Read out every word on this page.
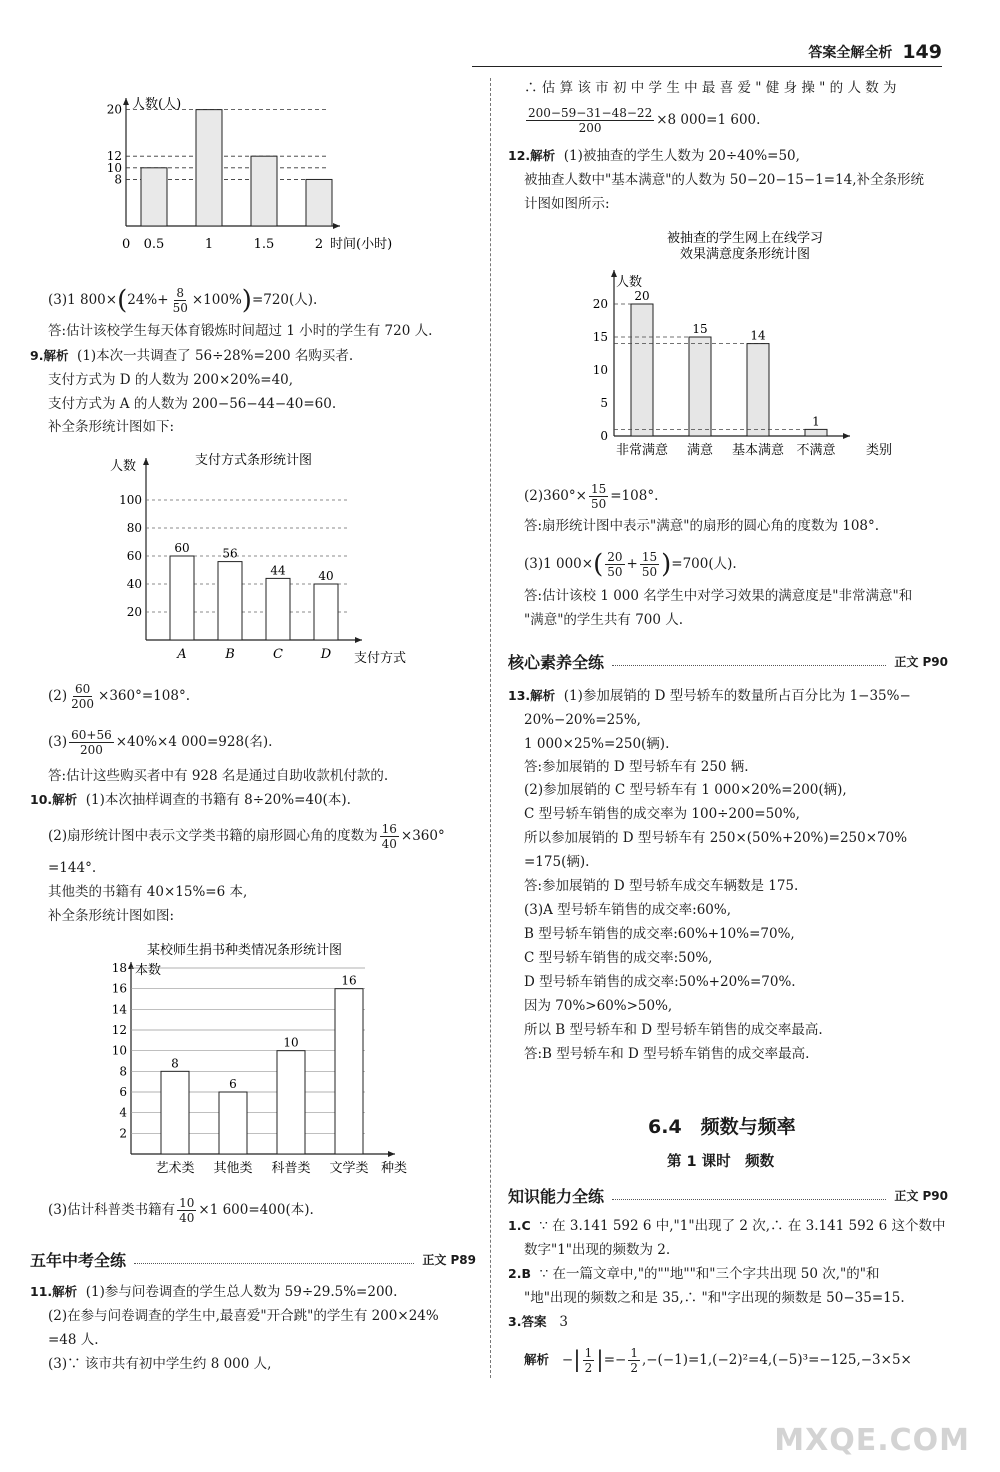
答案全解全析 149
人数(人)
8
10
12
20
0 0.5	1	1.5	2 时间(小时)
(3)1 $800\times(24\%+ \frac{8}{50} \times 100\%)=720$(人).
答:估计该校学生每天体育锻炼时间超过 1 小时的学生有 720 人.
9.解析 (1)本次一共调查了 56÷28%=200 名购买者.
支付方式为 D 的人数为 200×20%=40,
支付方式为 A 的人数为 200−56−44−40=60.
补全条形统计图如下:
人数	支付方式条形统计图
20
40
60
80
100
60	56
44	40
A	B	C	D 支付方式
$(2) \frac{60}{200} \times 360^\circ=108^\circ$.
$(3) \frac{60+56}{200} \times 40\%\times 4$ 000=928(名).
答:估计这些购买者中有 928 名是通过自助收款机付款的.
10.解析 (1)本次抽样调查的书籍有 8÷20%=40(本).
(2)扇形统计图中表示文学类书籍的扇形圆心角的度数为 $\frac{16}{40} \times 360^\circ$
=144°.
其他类的书籍有 40×15%=6 本,
补全条形统计图如图:
某校师生捐书种类情况条形统计图
本数
2
4
6
8
10
12
14
16
18
8
6
10
16
艺术类 其他类 科普类 文学类 种类
(3)估计科普类书籍有 $\frac{10}{40} \times 1$ 600=400(本).
五年中考全练	正文 P89
11.解析 (1)参与问卷调查的学生总人数为 59÷29.5%=200.
(2)在参与问卷调查的学生中,最喜爱"开合跳"的学生有 200×24%
=48 人.
(3)∵ 该市共有初中学生约 8 000 人,
∴ 估 算 该 市 初 中 学 生 中 最 喜 爱 " 健 身 操 " 的 人 数 为
$\frac{200-59-31-48-22}{200} \times 8$ 000=1 600.
12.解析 (1)被抽查的学生人数为 20÷40%=50,
被抽查人数中"基本满意"的人数为 50−20−15−1=14,补全条形统
计图如图所示:
被抽查的学生网上在线学习
效果满意度条形统计图
人数
0
5
10
15
20
20
15	14
1
非常满意 满意 基本满意 不满意 类别
$(2)360^\circ\times \frac{15}{50} =108^\circ$.
答:扇形统计图中表示"满意"的扇形的圆心角的度数为 108°.
(3)1 $000\times( \frac{20}{50} + \frac{15}{50} )=700$(人).
答:估计该校 1 000 名学生中对学习效果的满意度是"非常满意"和
"满意"的学生共有 700 人.
核心素养全练	正文 P90
13.解析 (1)参加展销的 D 型号轿车的数量所占百分比为 1−35%−
20%−20%=25%,
1 000×25%=250(辆).
答:参加展销的 D 型号轿车有 250 辆.
(2)参加展销的 C 型号轿车有 1 000×20%=200(辆),
C 型号轿车销售的成交率为 100÷200=50%,
所以参加展销的 D 型号轿车有 250×(50%+20%)=250×70%
=175(辆).
答:参加展销的 D 型号轿车成交车辆数是 175.
(3)A 型号轿车销售的成交率:60%,
B 型号轿车销售的成交率:60%+10%=70%,
C 型号轿车销售的成交率:50%,
D 型号轿车销售的成交率:50%+20%=70%.
因为 70%>60%>50%,
所以 B 型号轿车和 D 型号轿车销售的成交率最高.
答:B 型号轿车和 D 型号轿车销售的成交率最高.
6.4　频数与频率
第 1 课时　频数
知识能力全练	正文 P90
1.C ∵ 在 3.141 592 6 中,"1"出现了 2 次,∴ 在 3.141 592 6 这个数中
数字"1"出现的频数为 2.
2.B ∵ 在一篇文章中,"的""地""和"三个字共出现 50 次,"的"和
"地"出现的频数之和是 35,∴ "和"字出现的频数是 50−35=15.
3.答案 3
解析 −| $\frac{1}{2}$ |=− $\frac{1}{2} ,-(-1)=1,(-2)^2=4,(-5)^3=-125,-3\times 5\times$
MXQE.COM
